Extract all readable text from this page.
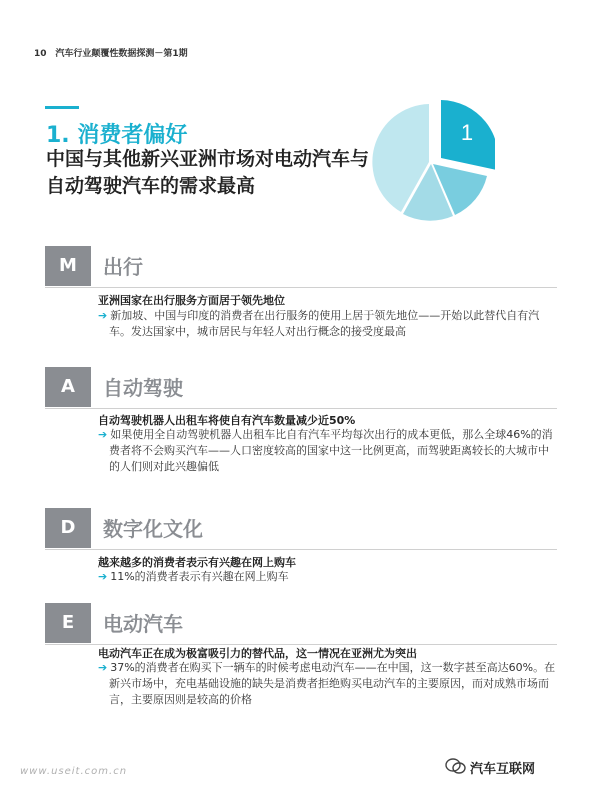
10 汽车行业颠覆性数据探测－第1期
1. 消费者偏好
中国与其他新兴亚洲市场对电动汽车与自动驾驶汽车的需求最高
1
M	出行
亚洲国家在出行服务方面居于领先地位
➔ 新加坡、中国与印度的消费者在出行服务的使用上居于领先地位——开始以此替代自有汽车。发达国家中，城市居民与年轻人对出行概念的接受度最高
A	自动驾驶
自动驾驶机器人出租车将使自有汽车数量减少近50%
➔ 如果使用全自动驾驶机器人出租车比自有汽车平均每次出行的成本更低，那么全球46%的消费者将不会购买汽车——人口密度较高的国家中这一比例更高，而驾驶距离较长的大城市中的人们则对此兴趣偏低
D	数字化文化
越来越多的消费者表示有兴趣在网上购车
➔ 11%的消费者表示有兴趣在网上购车
E	电动汽车
电动汽车正在成为极富吸引力的替代品，这一情况在亚洲尤为突出
➔ 37%的消费者在购买下一辆车的时候考虑电动汽车——在中国，这一数字甚至高达60%。在新兴市场中，充电基础设施的缺失是消费者拒绝购买电动汽车的主要原因，而对成熟市场而言，主要原因则是较高的价格
www.useit.com.cn	汽车互联网
